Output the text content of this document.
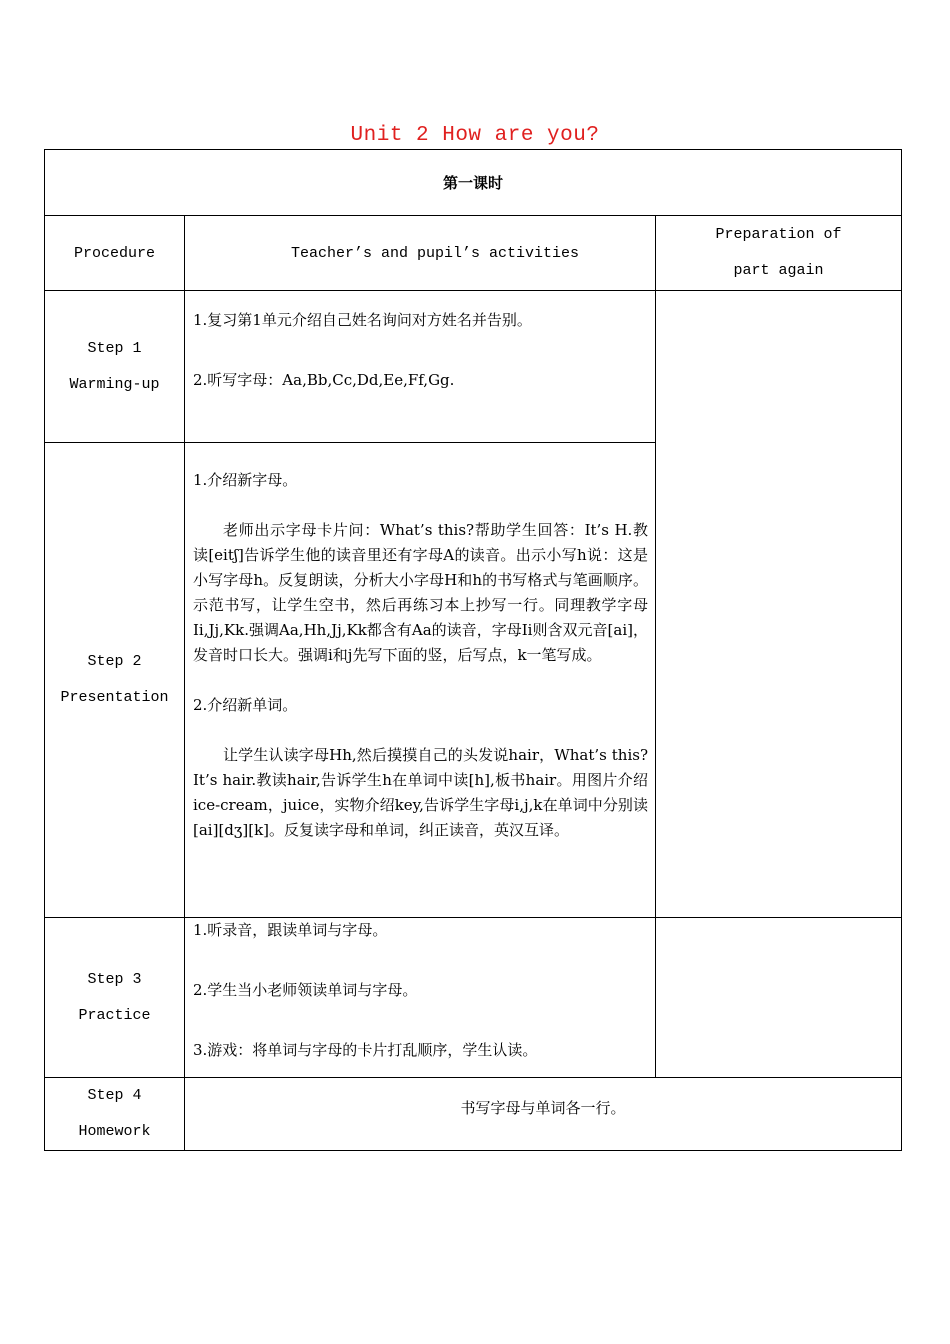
Unit 2 How are you?
第一课时
Procedure	Teacher’s and pupil’s activities
Preparation of
part again
Step 1
Warming-up

1.复习第1单元介绍自己姓名询问对方姓名并告别。

2.听写字母：Aa,Bb,Cc,Dd,Ee,Ff,Gg.

Step 2
Presentation

1.介绍新字母。

老师出示字母卡片问：What’s this?帮助学生回答：It’s H.教读[eitʃ]告诉学生他的读音里还有字母A的读音。出示小写h说：这是小写字母h。反复朗读，分析大小字母H和h的书写格式与笔画顺序。示范书写，让学生空书，然后再练习本上抄写一行。同理教学字母Ii,Jj,Kk.强调Aa,Hh,Jj,Kk都含有Aa的读音，字母Ii则含双元音[ai]，发音时口长大。强调i和j先写下面的竖，后写点，k一笔写成。

2.介绍新单词。

让学生认读字母Hh,然后摸摸自己的头发说hair，What’s this?It’s hair.教读hair,告诉学生h在单词中读[h],板书hair。用图片介绍ice-cream，juice，实物介绍key,告诉学生字母i,j,k在单词中分别读[ai][dʒ][k]。反复读字母和单词，纠正读音，英汉互译。

Step 3
Practice

1.听录音，跟读单词与字母。

2.学生当小老师领读单词与字母。

3.游戏：将单词与字母的卡片打乱顺序，学生认读。

Step 4
Homework
书写字母与单词各一行。
